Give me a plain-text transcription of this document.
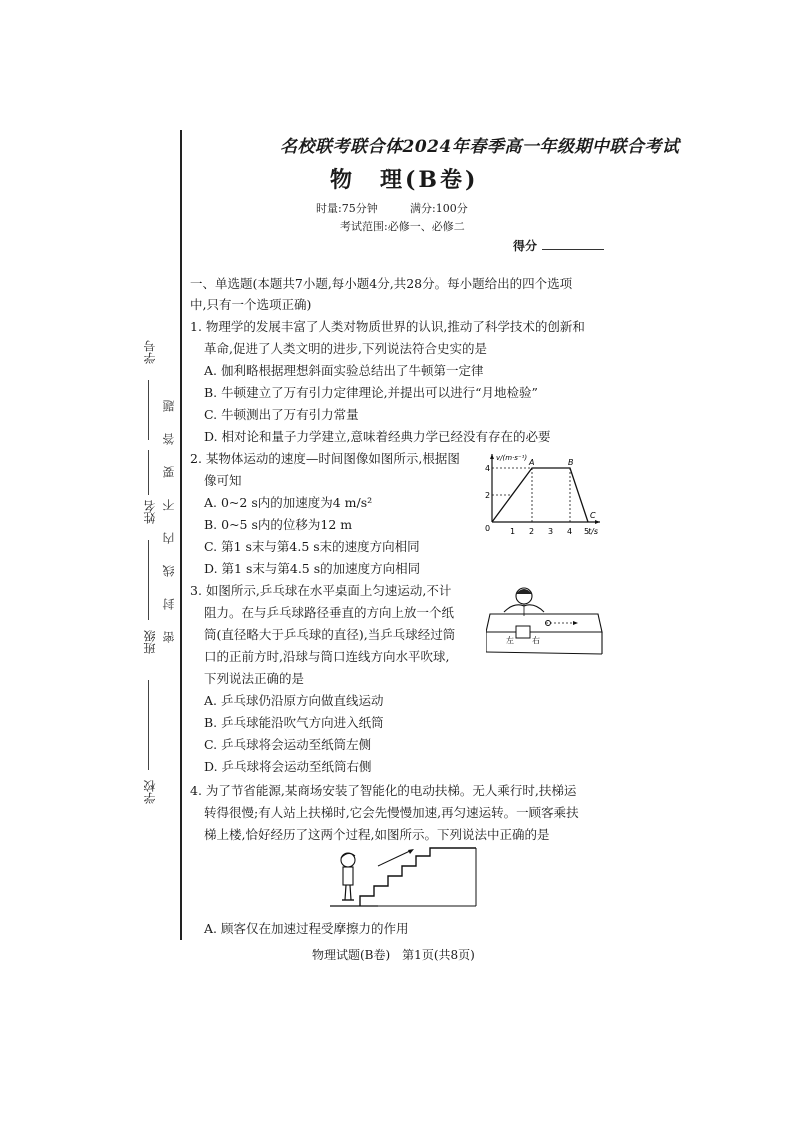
学号
姓名
班级
学校
题
答
要
不
内
线
封
密
名校联考联合体2024年春季高一年级期中联合考试
物　理(B卷)
时量:75分钟	满分:100分
考试范围:必修一、必修二
得分
一、单选题(本题共7小题,每小题4分,共28分。每小题给出的四个选项
中,只有一个选项正确)
1. 物理学的发展丰富了人类对物质世界的认识,推动了科学技术的创新和
革命,促进了人类文明的进步,下列说法符合史实的是
A. 伽利略根据理想斜面实验总结出了牛顿第一定律
B. 牛顿建立了万有引力定律理论,并提出可以进行“月地检验”
C. 牛顿测出了万有引力常量
D. 相对论和量子力学建立,意味着经典力学已经没有存在的必要
2. 某物体运动的速度—时间图像如图所示,根据图
像可知
A. 0~2 s内的加速度为4 m/s²
B. 0~5 s内的位移为12 m
C. 第1 s末与第4.5 s末的速度方向相同
D. 第1 s末与第4.5 s的加速度方向相同
v/(m·s⁻¹)
t/s
0 1 2 3 4 5
2
4
A	B
C
3. 如图所示,乒乓球在水平桌面上匀速运动,不计
阻力。在与乒乓球路径垂直的方向上放一个纸
筒(直径略大于乒乓球的直径),当乒乓球经过筒
口的正前方时,沿球与筒口连线方向水平吹球,
下列说法正确的是
A. 乒乓球仍沿原方向做直线运动
B. 乒乓球能沿吹气方向进入纸筒
C. 乒乓球将会运动至纸筒左侧
D. 乒乓球将会运动至纸筒右侧
左 右
4. 为了节省能源,某商场安装了智能化的电动扶梯。无人乘行时,扶梯运
转得很慢;有人站上扶梯时,它会先慢慢加速,再匀速运转。一顾客乘扶
梯上楼,恰好经历了这两个过程,如图所示。下列说法中正确的是
A. 顾客仅在加速过程受摩擦力的作用
物理试题(B卷)　第1页(共8页)
